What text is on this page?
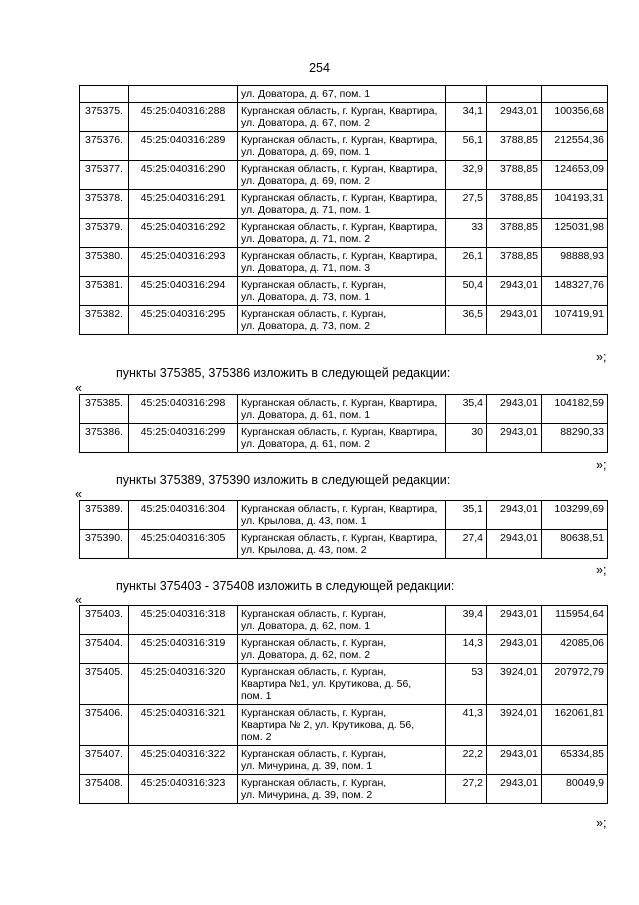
254
		ул. Доватора, д. 67, пом. 1			
375375.	45:25:040316:288	Курганская область, г. Курган, Квартира,
ул. Доватора, д. 67, пом. 2	34,1	2943,01	100356,68
375376.	45:25:040316:289	Курганская область, г. Курган, Квартира,
ул. Доватора, д. 69, пом. 1	56,1	3788,85	212554,36
375377.	45:25:040316:290	Курганская область, г. Курган, Квартира,
ул. Доватора, д. 69, пом. 2	32,9	3788,85	124653,09
375378.	45:25:040316:291	Курганская область, г. Курган, Квартира,
ул. Доватора, д. 71, пом. 1	27,5	3788,85	104193,31
375379.	45:25:040316:292	Курганская область, г. Курган, Квартира,
ул. Доватора, д. 71, пом. 2	33	3788,85	125031,98
375380.	45:25:040316:293	Курганская область, г. Курган, Квартира,
ул. Доватора, д. 71, пом. 3	26,1	3788,85	98888,93
375381.	45:25:040316:294	Курганская область, г. Курган,
ул. Доватора, д. 73, пом. 1	50,4	2943,01	148327,76
375382.	45:25:040316:295	Курганская область, г. Курган,
ул. Доватора, д. 73, пом. 2	36,5	2943,01	107419,91
»;
пункты 375385, 375386 изложить в следующей редакции:
«
375385.	45:25:040316:298	Курганская область, г. Курган, Квартира,
ул. Доватора, д. 61, пом. 1	35,4	2943,01	104182,59
375386.	45:25:040316:299	Курганская область, г. Курган, Квартира,
ул. Доватора, д. 61, пом. 2	30	2943,01	88290,33
»;
пункты 375389, 375390 изложить в следующей редакции:
«
375389.	45:25:040316:304	Курганская область, г. Курган, Квартира,
ул. Крылова, д. 43, пом. 1	35,1	2943,01	103299,69
375390.	45:25:040316:305	Курганская область, г. Курган, Квартира,
ул. Крылова, д. 43, пом. 2	27,4	2943,01	80638,51
»;
пункты 375403 - 375408 изложить в следующей редакции:
«
375403.	45:25:040316:318	Курганская область, г. Курган,
ул. Доватора, д. 62, пом. 1	39,4	2943,01	115954,64
375404.	45:25:040316:319	Курганская область, г. Курган,
ул. Доватора, д. 62, пом. 2	14,3	2943,01	42085,06
375405.	45:25:040316:320	Курганская область, г. Курган,
Квартира №1, ул. Крутикова, д. 56,
пом. 1	53	3924,01	207972,79
375406.	45:25:040316:321	Курганская область, г. Курган,
Квартира № 2, ул. Крутикова, д. 56,
пом. 2	41,3	3924,01	162061,81
375407.	45:25:040316:322	Курганская область, г. Курган,
ул. Мичурина, д. 39, пом. 1	22,2	2943,01	65334,85
375408.	45:25:040316:323	Курганская область, г. Курган,
ул. Мичурина, д. 39, пом. 2	27,2	2943,01	80049,9
»;
